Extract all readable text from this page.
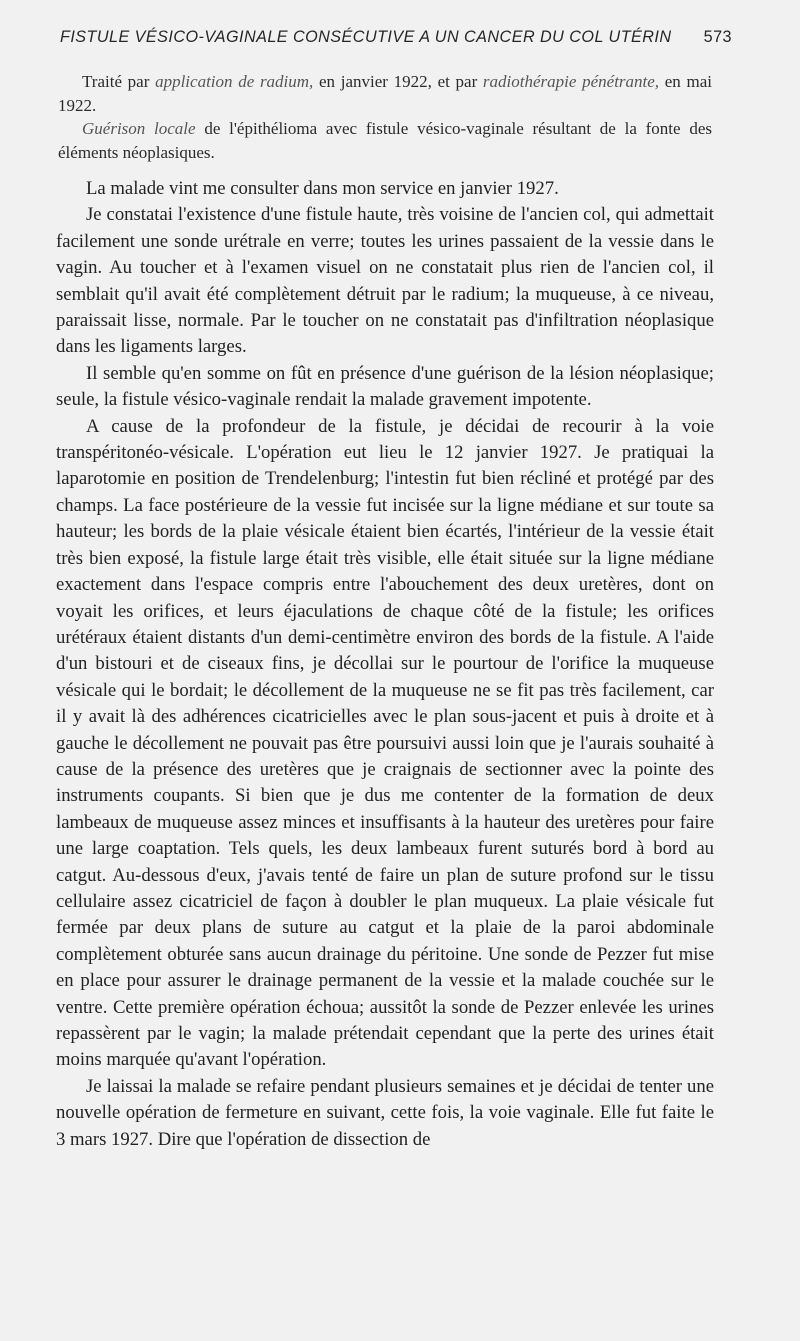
FISTULE VÉSICO-VAGINALE CONSÉCUTIVE A UN CANCER DU COL UTÉRIN 573

Traité par application de radium, en janvier 1922, et par radiothérapie pénétrante, en mai 1922.

Guérison locale de l'épithélioma avec fistule vésico-vaginale résultant de la fonte des éléments néoplasiques.

La malade vint me consulter dans mon service en janvier 1927.

Je constatai l'existence d'une fistule haute, très voisine de l'ancien col, qui admettait facilement une sonde urétrale en verre; toutes les urines passaient de la vessie dans le vagin. Au toucher et à l'examen visuel on ne constatait plus rien de l'ancien col, il semblait qu'il avait été complètement détruit par le radium; la muqueuse, à ce niveau, paraissait lisse, normale. Par le toucher on ne constatait pas d'infiltration néoplasique dans les ligaments larges.

Il semble qu'en somme on fût en présence d'une guérison de la lésion néoplasique; seule, la fistule vésico-vaginale rendait la malade gravement impotente.

A cause de la profondeur de la fistule, je décidai de recourir à la voie transpéritonéo-vésicale. L'opération eut lieu le 12 janvier 1927. Je pratiquai la laparotomie en position de Trendelenburg; l'intestin fut bien récliné et protégé par des champs. La face postérieure de la vessie fut incisée sur la ligne médiane et sur toute sa hauteur; les bords de la plaie vésicale étaient bien écartés, l'intérieur de la vessie était très bien exposé, la fistule large était très visible, elle était située sur la ligne médiane exactement dans l'espace compris entre l'abouchement des deux uretères, dont on voyait les orifices, et leurs éjaculations de chaque côté de la fistule; les orifices urétéraux étaient distants d'un demi-centimètre environ des bords de la fistule. A l'aide d'un bistouri et de ciseaux fins, je décollai sur le pourtour de l'orifice la muqueuse vésicale qui le bordait; le décollement de la muqueuse ne se fit pas très facilement, car il y avait là des adhérences cicatricielles avec le plan sous-jacent et puis à droite et à gauche le décollement ne pouvait pas être poursuivi aussi loin que je l'aurais souhaité à cause de la présence des uretères que je craignais de sectionner avec la pointe des instruments coupants. Si bien que je dus me contenter de la formation de deux lambeaux de muqueuse assez minces et insuffisants à la hauteur des uretères pour faire une large coaptation. Tels quels, les deux lambeaux furent suturés bord à bord au catgut. Au-dessous d'eux, j'avais tenté de faire un plan de suture profond sur le tissu cellulaire assez cicatriciel de façon à doubler le plan muqueux. La plaie vésicale fut fermée par deux plans de suture au catgut et la plaie de la paroi abdominale complètement obturée sans aucun drainage du péritoine. Une sonde de Pezzer fut mise en place pour assurer le drainage permanent de la vessie et la malade couchée sur le ventre. Cette première opération échoua; aussitôt la sonde de Pezzer enlevée les urines repassèrent par le vagin; la malade prétendait cependant que la perte des urines était moins marquée qu'avant l'opération.

Je laissai la malade se refaire pendant plusieurs semaines et je décidai de tenter une nouvelle opération de fermeture en suivant, cette fois, la voie vaginale. Elle fut faite le 3 mars 1927. Dire que l'opération de dissection de
